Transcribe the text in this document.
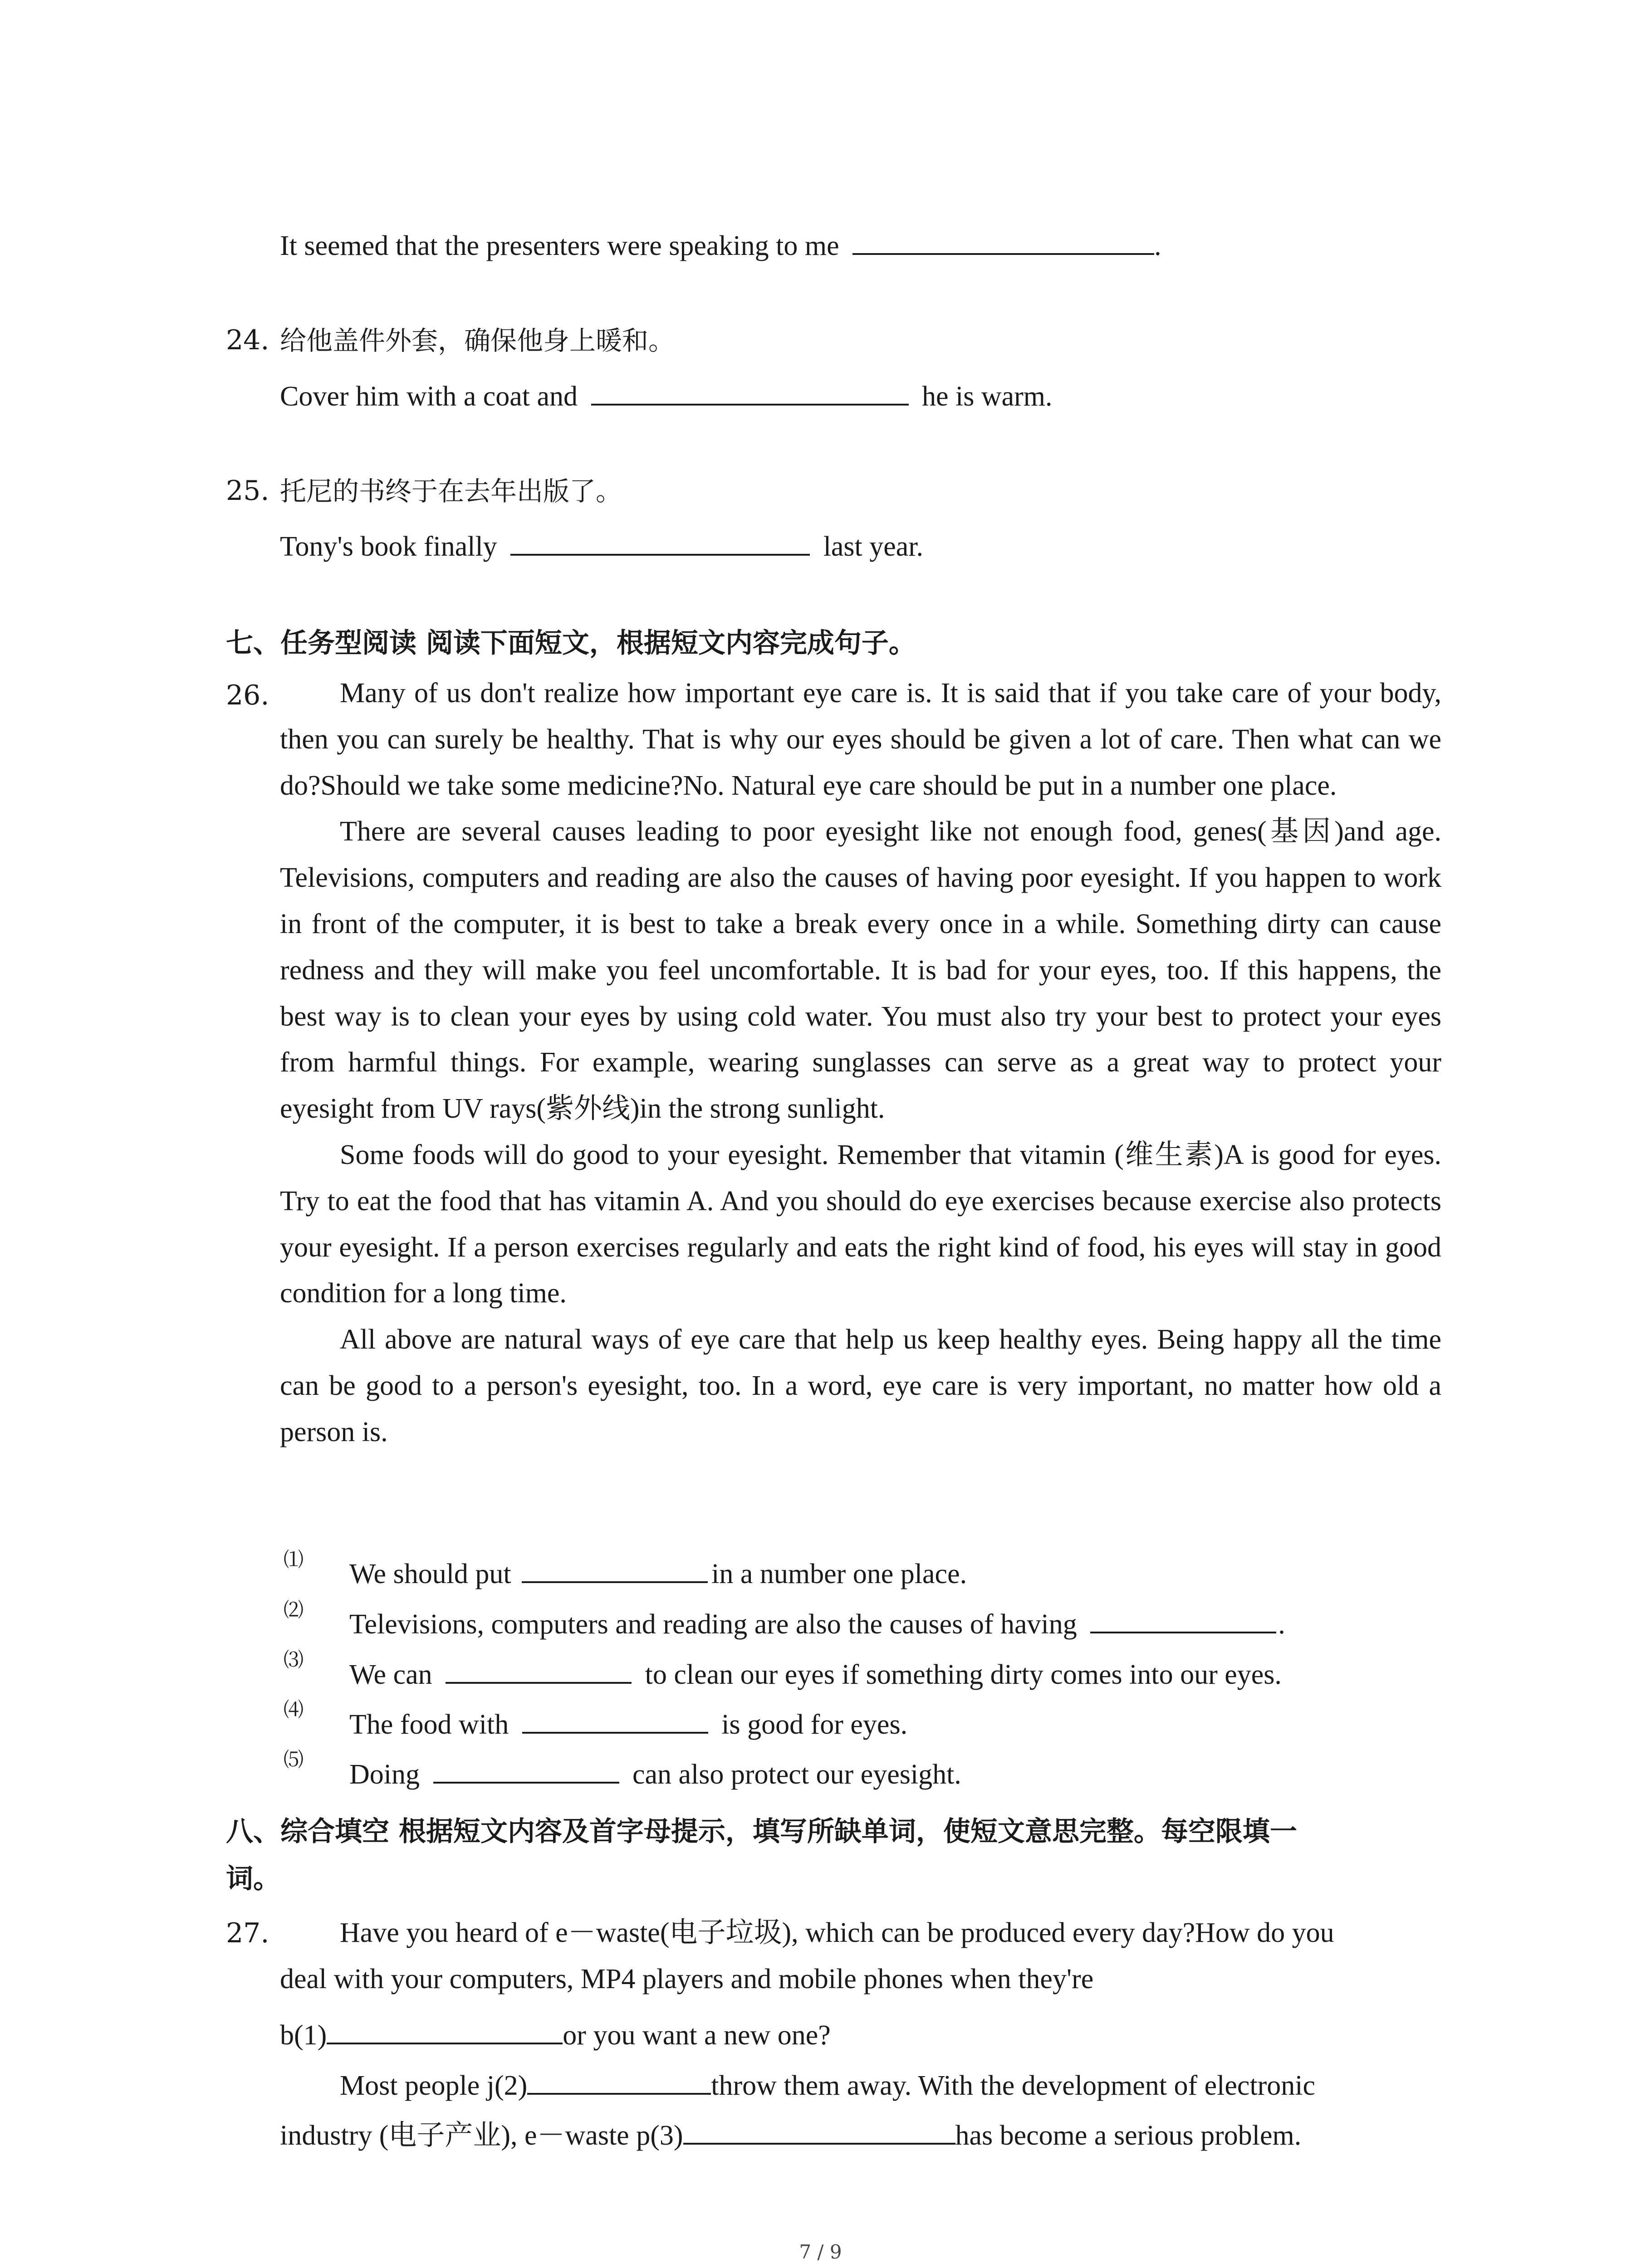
It seemed that the presenters were speaking to me	.
24. 给他盖件外套，确保他身上暖和。
Cover him with a coat and	he is warm.
25. 托尼的书终于在去年出版了。
Tony's book finally	last year.
七、任务型阅读 阅读下面短文，根据短文内容完成句子。
26.	Many of us don't realize how important eye care is. It is said that if you take care of your body, then you can surely be healthy. That is why our eyes should be given a lot of care. Then what can we do?Should we take some medicine?No. Natural eye care should be put in a number one place.
There are several causes leading to poor eyesight like not enough food, genes(基因)and age. Televisions, computers and reading are also the causes of having poor eyesight. If you happen to work in front of the computer, it is best to take a break every once in a while. Something dirty can cause redness and they will make you feel uncomfortable. It is bad for your eyes, too. If this happens, the best way is to clean your eyes by using cold water. You must also try your best to protect your eyes from harmful things. For example, wearing sunglasses can serve as a great way to protect your eyesight from UV rays(紫外线)in the strong sunlight.
Some foods will do good to your eyesight. Remember that vitamin (维生素)A is good for eyes. Try to eat the food that has vitamin A. And you should do eye exercises because exercise also protects your eyesight. If a person exercises regularly and eats the right kind of food, his eyes will stay in good condition for a long time.
All above are natural ways of eye care that help us keep healthy eyes. Being happy all the time can be good to a person's eyesight, too. In a word, eye care is very important, no matter how old a person is.
⑴ We should put	in a number one place.
⑵ Televisions, computers and reading are also the causes of having	.
⑶ We can	to clean our eyes if something dirty comes into our eyes.
⑷ The food with	is good for eyes.
⑸ Doing	can also protect our eyesight.
八、综合填空 根据短文内容及首字母提示，填写所缺单词，使短文意思完整。每空限填一
词。
27.	Have you heard of e－waste(电子垃圾), which can be produced every day?How do you
deal with your computers, MP4 players and mobile phones when they're
b(1)	or you want a new one?
Most people j(2)	throw them away. With the development of electronic
industry (电子产业), e－waste p(3)	has become a serious problem.
7 / 9
